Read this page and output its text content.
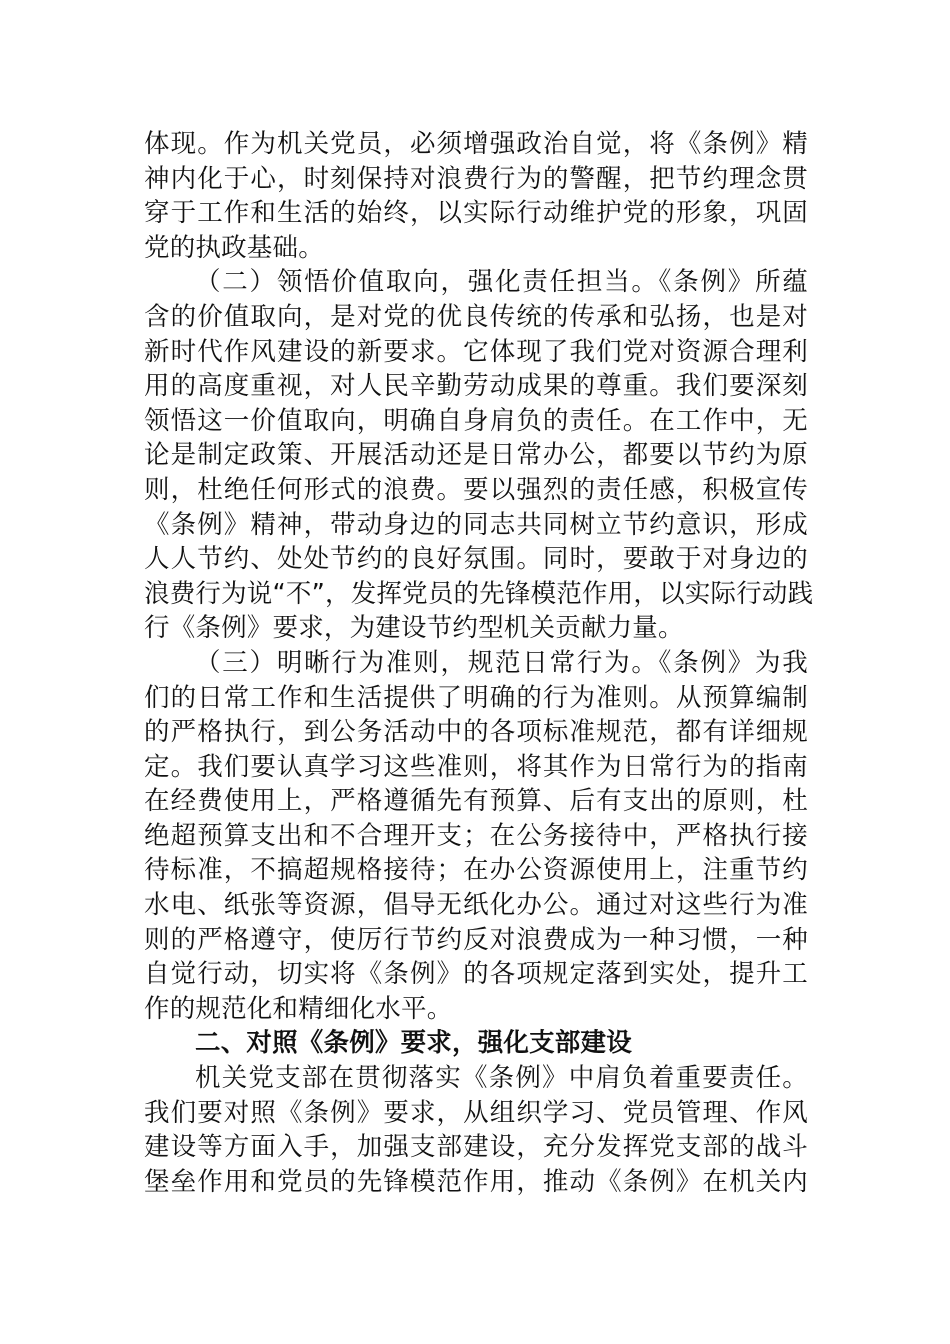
体现。作为机关党员，必须增强政治自觉，将《条例》精
神内化于心，时刻保持对浪费行为的警醒，把节约理念贯
穿于工作和生活的始终，以实际行动维护党的形象，巩固
党的执政基础。
（二）领悟价值取向，强化责任担当。《条例》所蕴
含的价值取向，是对党的优良传统的传承和弘扬，也是对
新时代作风建设的新要求。它体现了我们党对资源合理利
用的高度重视，对人民辛勤劳动成果的尊重。我们要深刻
领悟这一价值取向，明确自身肩负的责任。在工作中，无
论是制定政策、开展活动还是日常办公，都要以节约为原
则，杜绝任何形式的浪费。要以强烈的责任感，积极宣传
《条例》精神，带动身边的同志共同树立节约意识，形成
人人节约、处处节约的良好氛围。同时，要敢于对身边的
浪费行为说“不”，发挥党员的先锋模范作用，以实际行动践
行《条例》要求，为建设节约型机关贡献力量。
（三）明晰行为准则，规范日常行为。《条例》为我
们的日常工作和生活提供了明确的行为准则。从预算编制
的严格执行，到公务活动中的各项标准规范，都有详细规
定。我们要认真学习这些准则，将其作为日常行为的指南
在经费使用上，严格遵循先有预算、后有支出的原则，杜
绝超预算支出和不合理开支；在公务接待中，严格执行接
待标准，不搞超规格接待；在办公资源使用上，注重节约
水电、纸张等资源，倡导无纸化办公。通过对这些行为准
则的严格遵守，使厉行节约反对浪费成为一种习惯，一种
自觉行动，切实将《条例》的各项规定落到实处，提升工
作的规范化和精细化水平。
二、对照《条例》要求，强化支部建设
机关党支部在贯彻落实《条例》中肩负着重要责任。
我们要对照《条例》要求，从组织学习、党员管理、作风
建设等方面入手，加强支部建设，充分发挥党支部的战斗
堡垒作用和党员的先锋模范作用，推动《条例》在机关内
